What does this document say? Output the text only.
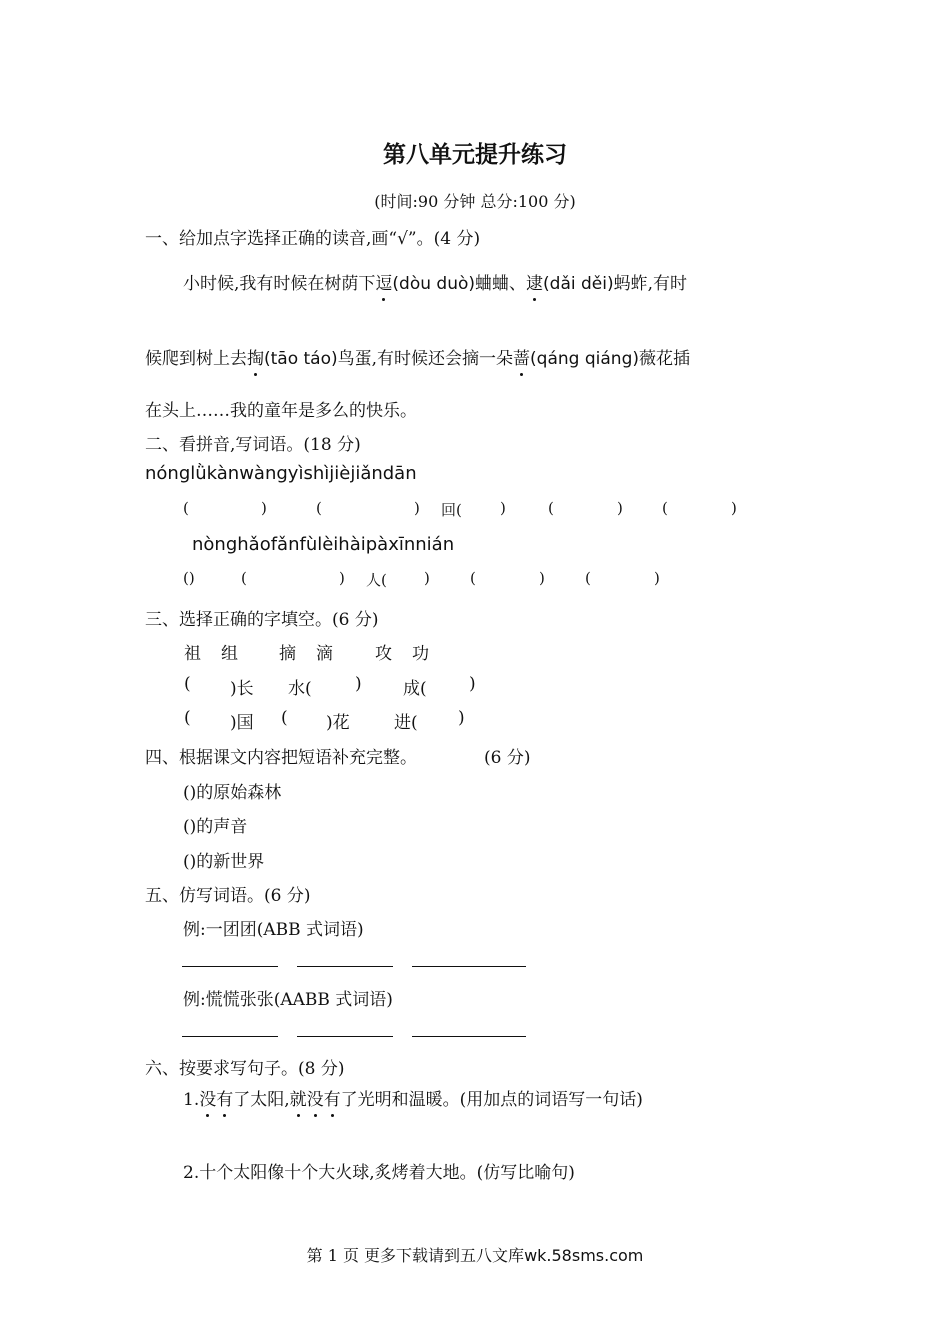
第八单元提升练习
(时间:90 分钟 总分:100 分)
一、给加点字选择正确的读音,画“√”。(4 分)
小时候,我有时候在树荫下逗(dòu duò)蛐蛐、逮(dǎi děi)蚂蚱,有时
候爬到树上去掏(tāo táo)鸟蛋,有时候还会摘一朵蔷(qáng qiáng)薇花插
在头上……我的童年是多么的快乐。
二、看拼音,写词语。(18 分)
nónglǜkànwàngyìshìjièjiǎndān
(	)	(	) 回(	)	(	)	(	)
nònghǎofǎnfùlèihàipàxīnnián
()	(	) 人( )	(	)	(	)
三、选择正确的字填空。(6 分)
祖 组 摘 滴 攻 功
( )长 水(	) 成( )
( )国 ( )花	进( )
四、根据课文内容把短语补充完整。	(6 分)
()的原始森林
()的声音
()的新世界
五、仿写词语。(6 分)
例:一团团(ABB 式词语)
例:慌慌张张(AABB 式词语)
六、按要求写句子。(8 分)
1.没有了太阳,就没有了光明和温暖。(用加点的词语写一句话)
2.十个太阳像十个大火球,炙烤着大地。(仿写比喻句)
第 1 页 更多下载请到五八文库wk.58sms.com
